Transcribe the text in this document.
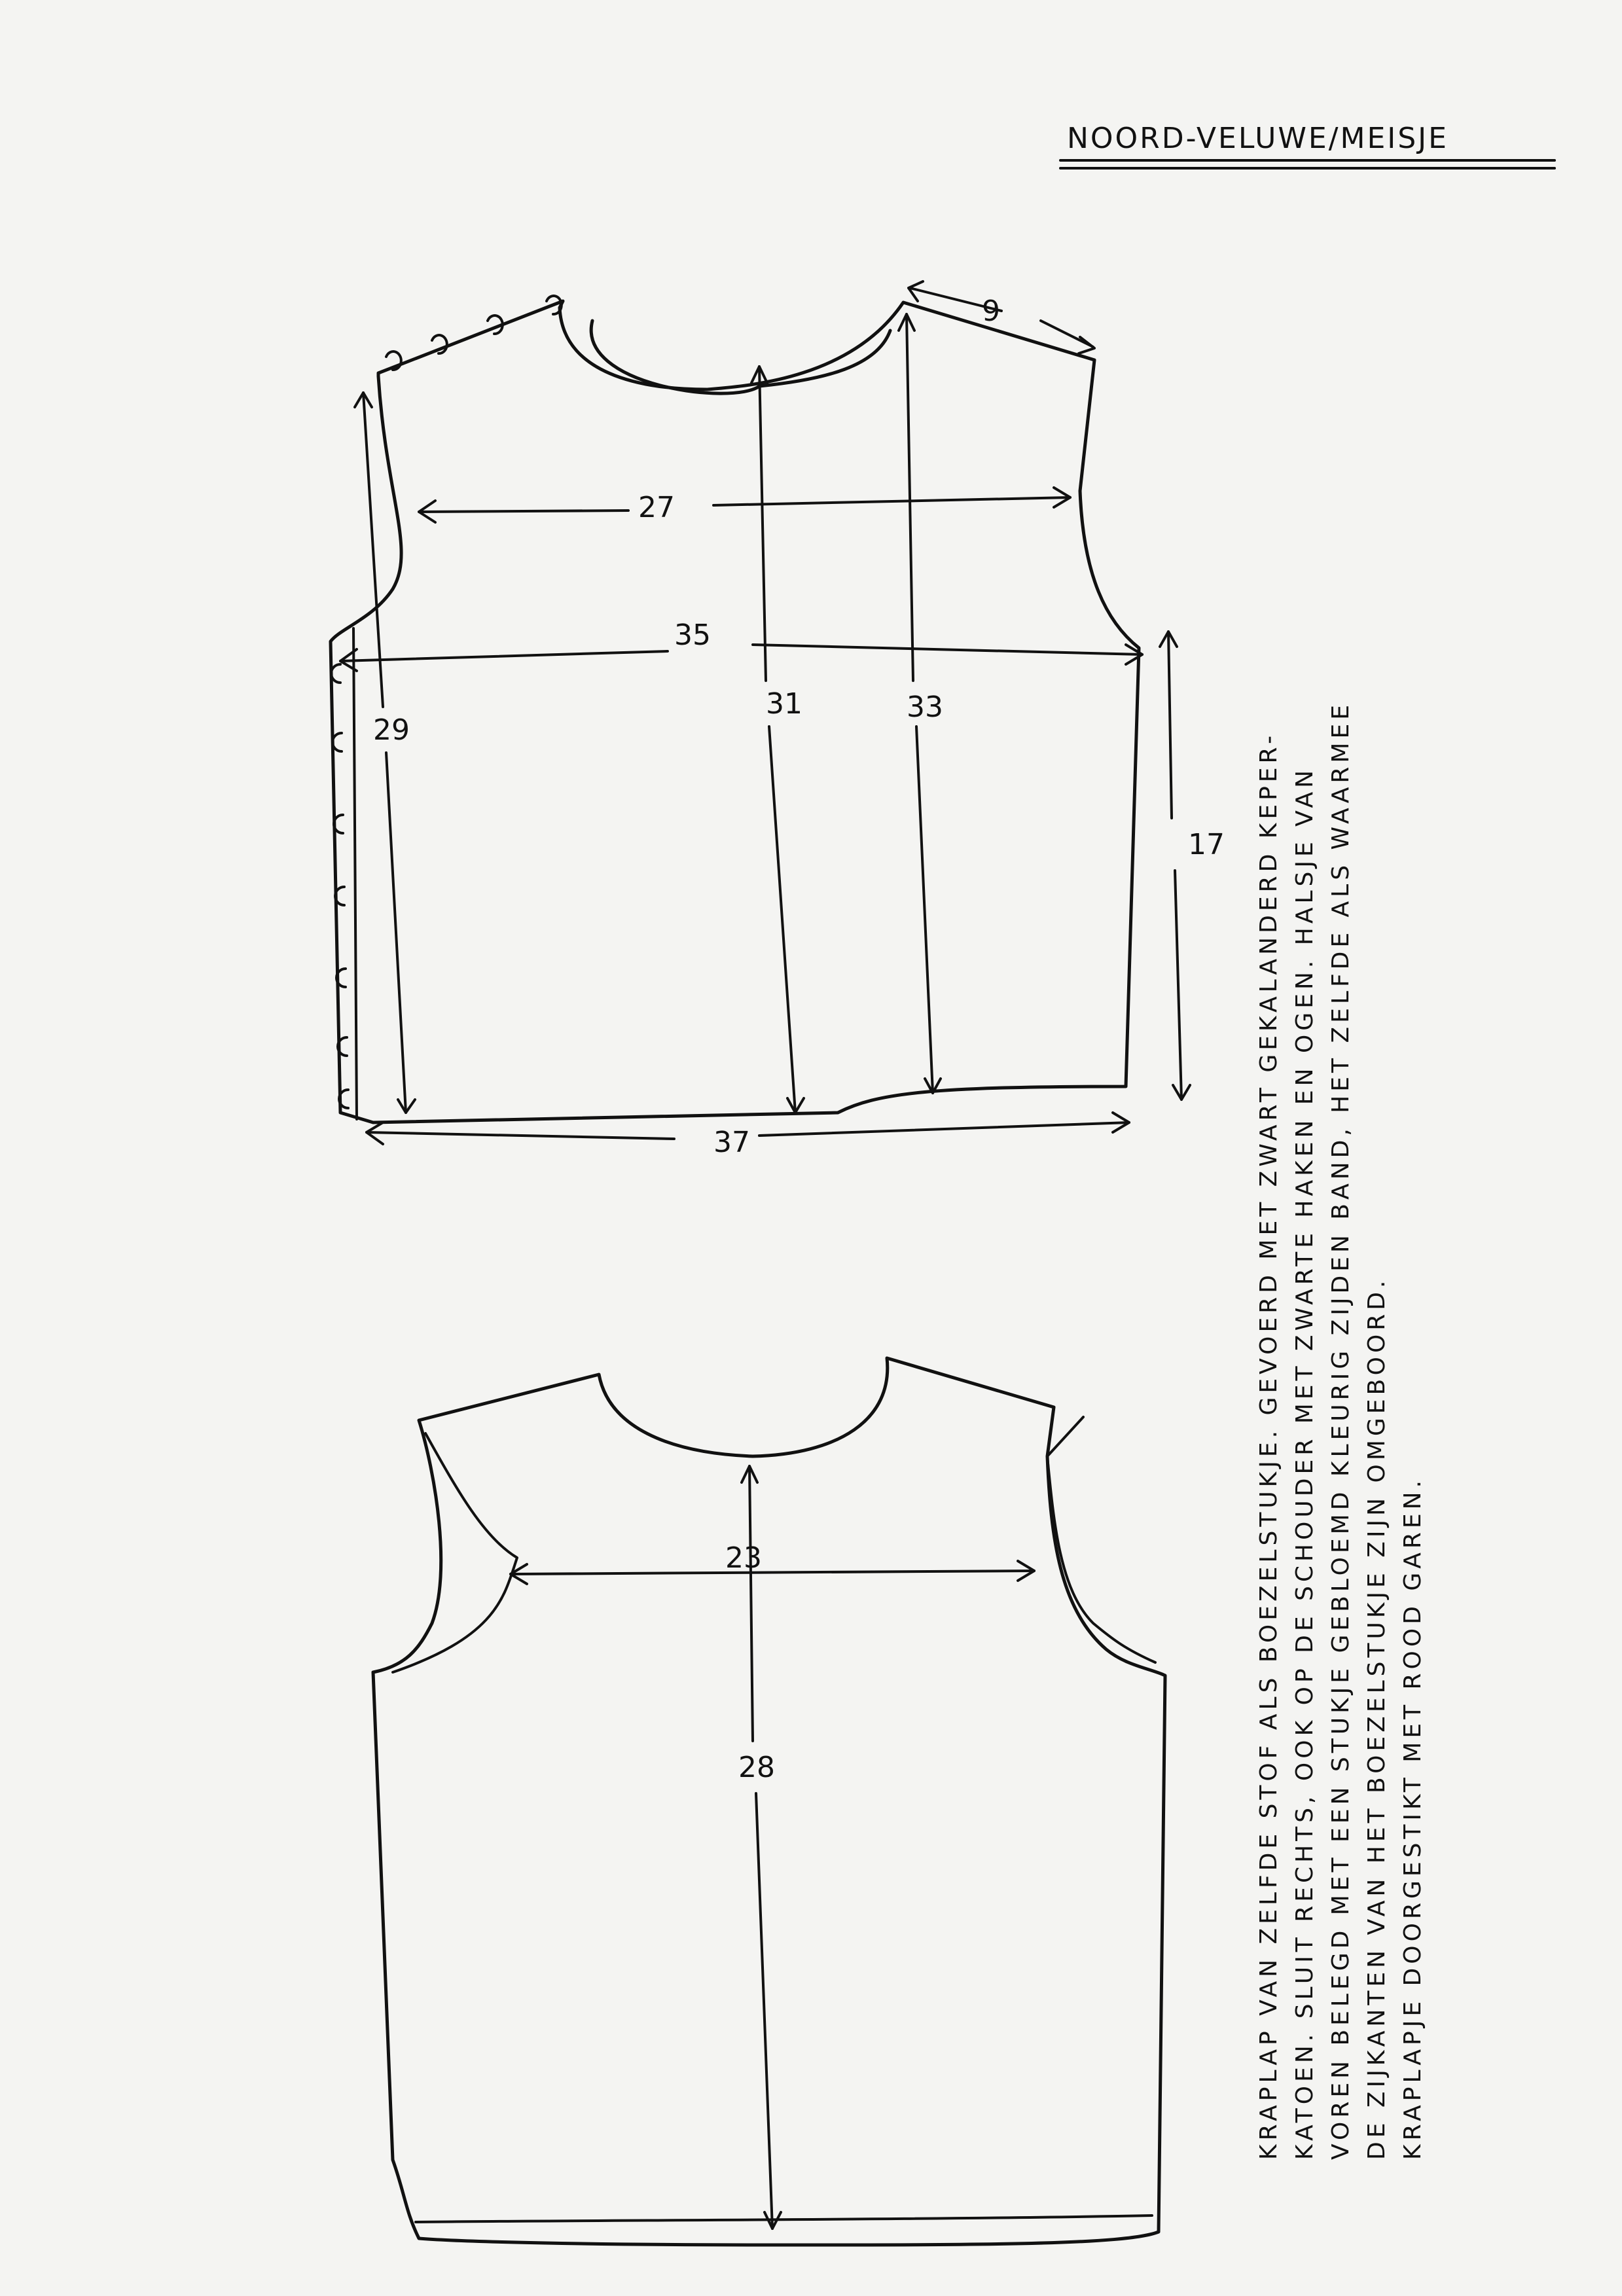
NOORD-VELUWE/MEISJE
9
27
35
29
31	33
17
37
23
28	KRAPLAP VAN ZELFDE STOF ALS BOEZELSTUKJE. GEVOERD MET ZWART GEKALANDERD KEPER- KATOEN. SLUIT RECHTS, OOK OP DE SCHOUDER MET ZWARTE HAKEN EN OGEN. HALSJE VAN VOREN BELEGD MET EEN STUKJE GEBLOEMD KLEURIG ZIJDEN BAND, HET ZELFDE ALS WAARMEE DE ZIJKANTEN VAN HET BOEZELSTUKJE ZIJN OMGEBOORD. KRAPLAPJE DOORGESTIKT MET ROOD GAREN.
